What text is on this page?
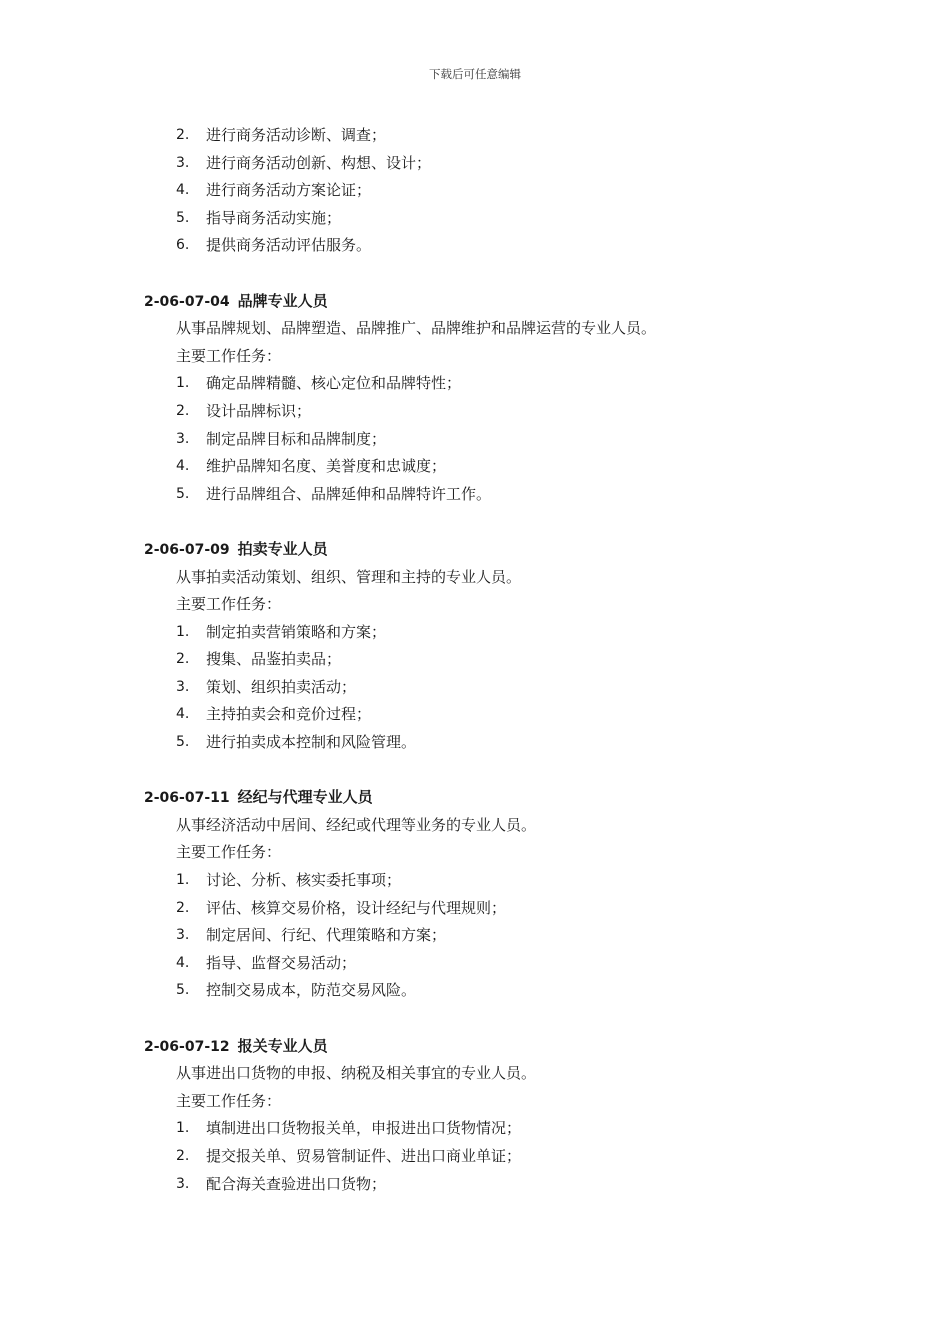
下载后可任意编辑
2. 进行商务活动诊断、调查；
3. 进行商务活动创新、构想、设计；
4. 进行商务活动方案论证；
5. 指导商务活动实施；
6. 提供商务活动评估服务。
2-06-07-04 品牌专业人员
从事品牌规划、品牌塑造、品牌推广、品牌维护和品牌运营的专业人员。
主要工作任务：
1. 确定品牌精髓、核心定位和品牌特性；
2. 设计品牌标识；
3. 制定品牌目标和品牌制度；
4. 维护品牌知名度、美誉度和忠诚度；
5. 进行品牌组合、品牌延伸和品牌特许工作。
2-06-07-09 拍卖专业人员
从事拍卖活动策划、组织、管理和主持的专业人员。
主要工作任务：
1. 制定拍卖营销策略和方案；
2. 搜集、品鉴拍卖品；
3. 策划、组织拍卖活动；
4. 主持拍卖会和竞价过程；
5. 进行拍卖成本控制和风险管理。
2-06-07-11 经纪与代理专业人员
从事经济活动中居间、经纪或代理等业务的专业人员。
主要工作任务：
1. 讨论、分析、核实委托事项；
2. 评估、核算交易价格，设计经纪与代理规则；
3. 制定居间、行纪、代理策略和方案；
4. 指导、监督交易活动；
5. 控制交易成本，防范交易风险。
2-06-07-12 报关专业人员
从事进出口货物的申报、纳税及相关事宜的专业人员。
主要工作任务：
1. 填制进出口货物报关单，申报进出口货物情况；
2. 提交报关单、贸易管制证件、进出口商业单证；
3. 配合海关查验进出口货物；
